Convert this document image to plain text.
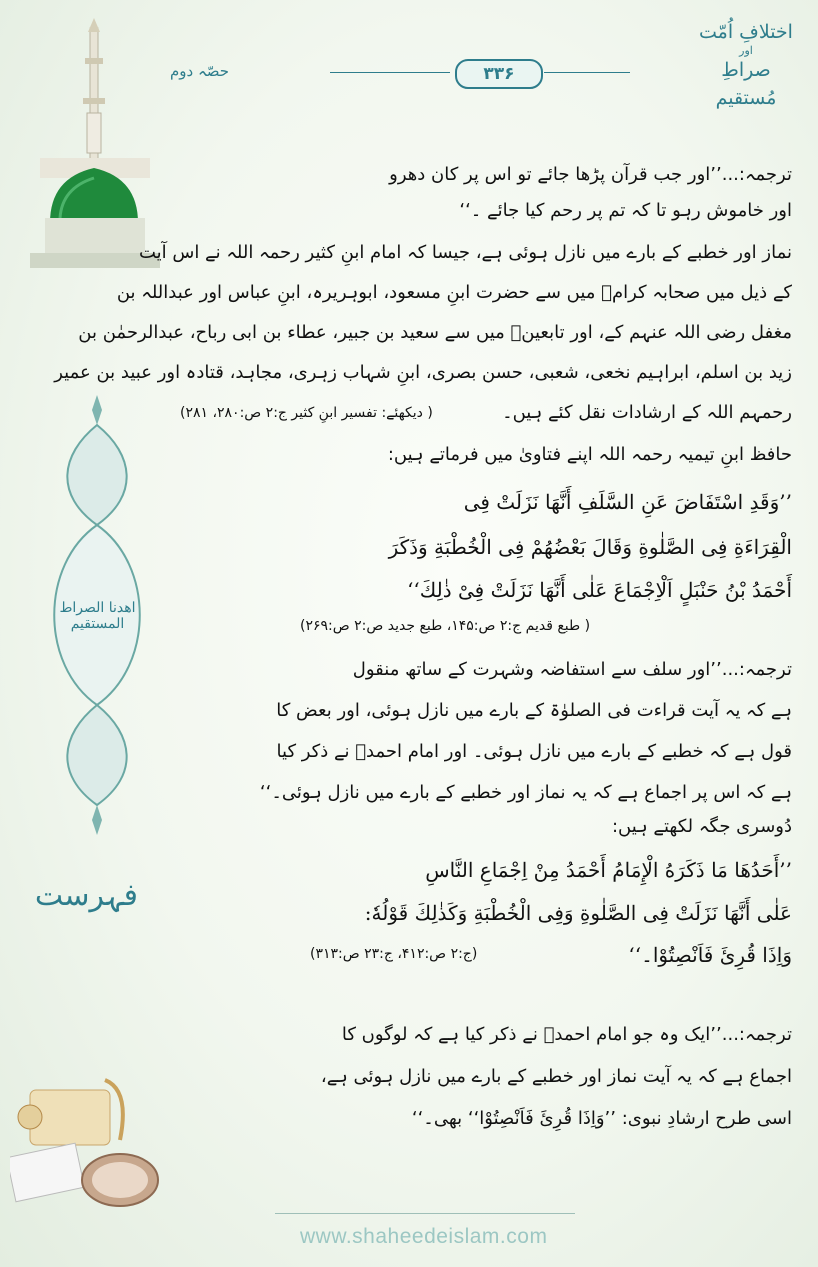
اختلافِ اُمّت
اور
صراطِ مُستقیم
حصّہ دوم	۳۳۶
ترجمہ:...’’اور جب قرآن پڑھا جائے تو اس پر کان دھرو
اور خاموش رہو تا کہ تم پر رحم کیا جائے ۔‘‘
نماز اور خطبے کے بارے میں نازل ہوئی ہے، جیسا کہ امام ابنِ کثیر رحمہ اللہ نے اس آیت
کے ذیل میں صحابہ کرامؓ میں سے حضرت ابنِ مسعود، ابوہریرہ، ابنِ عباس اور عبداللہ بن
مغفل رضی اللہ عنہم کے، اور تابعینؒ میں سے سعید بن جبیر، عطاء بن ابی رباح، عبدالرحمٰن بن
زید بن اسلم، ابراہیم نخعی، شعبی، حسن بصری، ابنِ شہاب زہری، مجاہد، قتادہ اور عبید بن عمیر
رحمہم اللہ کے ارشادات نقل کئے ہیں۔
( دیکھئے: تفسیر ابنِ کثیر ج:۲ ص:۲۸۰، ۲۸۱)
حافظ ابنِ تیمیہ رحمہ اللہ اپنے فتاویٰ میں فرماتے ہیں:
’’وَقَدِ اسْتَفَاضَ عَنِ السَّلَفِ أَنَّهَا نَزَلَتْ فِی
الْقِرَاءَةِ فِی الصَّلٰوةِ وَقَالَ بَعْضُهُمْ فِی الْخُطْبَةِ وَذَكَرَ
أَحْمَدُ بْنُ حَنْبَلٍ اَلْاِجْمَاعَ عَلٰی أَنَّهَا نَزَلَتْ فِیْ ذٰلِكَ‘‘
( طبع قدیم ج:۲ ص:۱۴۵، طبع جدید ص:۲ ص:۲۶۹)
ترجمہ:...’’اور سلف سے استفاضہ وشہرت کے ساتھ منقول
ہے کہ یہ آیت قراءت فی الصلوٰۃ کے بارے میں نازل ہوئی، اور بعض کا
قول ہے کہ خطبے کے بارے میں نازل ہوئی۔ اور امام احمدؒ نے ذکر کیا
ہے کہ اس پر اجماع ہے کہ یہ نماز اور خطبے کے بارے میں نازل ہوئی۔‘‘
دُوسری جگہ لکھتے ہیں:
’’أَحَدُهَا مَا ذَكَرَهُ الْإِمَامُ أَحْمَدُ مِنْ اِجْمَاعِ النَّاسِ
عَلٰی أَنَّهَا نَزَلَتْ فِی الصَّلٰوةِ وَفِی الْخُطْبَةِ وَكَذٰلِكَ قَوْلُهٗ:
وَاِذَا قُرِئَ فَاَنْصِتُوْا۔‘‘
(ج:۲ ص:۴۱۲، ج:۲۳ ص:۳۱۳)
ترجمہ:...’’ایک وہ جو امام احمدؒ نے ذکر کیا ہے کہ لوگوں کا
اجماع ہے کہ یہ آیت نماز اور خطبے کے بارے میں نازل ہوئی ہے،
اسی طرح ارشادِ نبوی: ’’وَاِذَا قُرِئَ فَاَنْصِتُوْا‘‘ بھی۔‘‘
اھدنا الصراط المستقیم
فہرست
www.shaheedeislam.com
